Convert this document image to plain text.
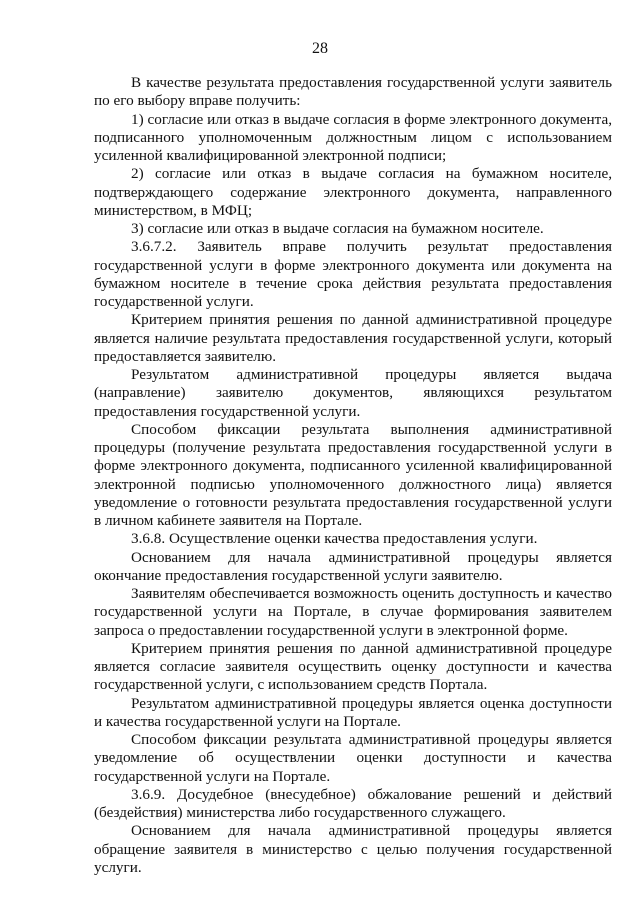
28

В качестве результата предоставления государственной услуги заявитель по его выбору вправе получить:

1) согласие или отказ в выдаче согласия в форме электронного документа, подписанного уполномоченным должностным лицом с использованием усиленной квалифицированной электронной подписи;

2) согласие или отказ в выдаче согласия на бумажном носителе, подтверждающего содержание электронного документа, направленного министерством, в МФЦ;

3) согласие или отказ в выдаче согласия на бумажном носителе.

3.6.7.2. Заявитель вправе получить результат предоставления государственной услуги в форме электронного документа или документа на бумажном носителе в течение срока действия результата предоставления государственной услуги.

Критерием принятия решения по данной административной процедуре является наличие результата предоставления государственной услуги, который предоставляется заявителю.

Результатом административной процедуры является выдача (направление) заявителю документов, являющихся результатом предоставления государственной услуги.

Способом фиксации результата выполнения административной процедуры (получение результата предоставления государственной услуги в форме электронного документа, подписанного усиленной квалифицированной электронной подписью уполномоченного должностного лица) является уведомление о готовности результата предоставления государственной услуги в личном кабинете заявителя на Портале.

3.6.8. Осуществление оценки качества предоставления услуги.

Основанием для начала административной процедуры является окончание предоставления государственной услуги заявителю.

Заявителям обеспечивается возможность оценить доступность и качество государственной услуги на Портале, в случае формирования заявителем запроса о предоставлении государственной услуги в электронной форме.

Критерием принятия решения по данной административной процедуре является согласие заявителя осуществить оценку доступности и качества государственной услуги, с использованием средств Портала.

Результатом административной процедуры является оценка доступности и качества государственной услуги на Портале.

Способом фиксации результата административной процедуры является уведомление об осуществлении оценки доступности и качества государственной услуги на Портале.

3.6.9. Досудебное (внесудебное) обжалование решений и действий (бездействия) министерства либо государственного служащего.

Основанием для начала административной процедуры является обращение заявителя в министерство с целью получения государственной услуги.
